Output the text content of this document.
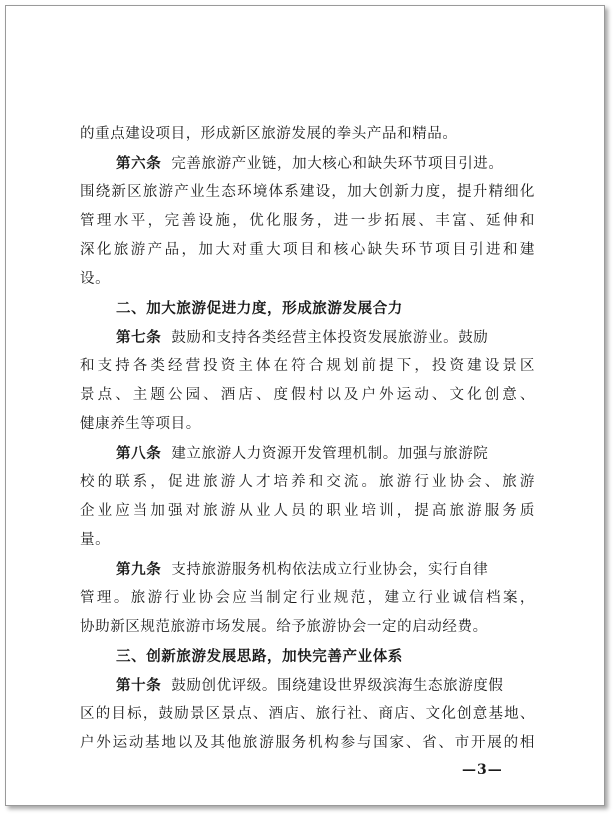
的重点建设项目，形成新区旅游发展的拳头产品和精品。
第六条 完善旅游产业链，加大核心和缺失环节项目引进。
围绕新区旅游产业生态环境体系建设，加大创新力度，提升精细化
管理水平，完善设施，优化服务，进一步拓展、丰富、延伸和
深化旅游产品，加大对重大项目和核心缺失环节项目引进和建
设。
二、加大旅游促进力度，形成旅游发展合力
第七条 鼓励和支持各类经营主体投资发展旅游业。鼓励
和支持各类经营投资主体在符合规划前提下，投资建设景区
景点、主题公园、酒店、度假村以及户外运动、文化创意、
健康养生等项目。
第八条 建立旅游人力资源开发管理机制。加强与旅游院
校的联系，促进旅游人才培养和交流。旅游行业协会、旅游
企业应当加强对旅游从业人员的职业培训，提高旅游服务质
量。
第九条 支持旅游服务机构依法成立行业协会，实行自律
管理。旅游行业协会应当制定行业规范，建立行业诚信档案，
协助新区规范旅游市场发展。给予旅游协会一定的启动经费。
三、创新旅游发展思路，加快完善产业体系
第十条 鼓励创优评级。围绕建设世界级滨海生态旅游度假
区的目标，鼓励景区景点、酒店、旅行社、商店、文化创意基地、
户外运动基地以及其他旅游服务机构参与国家、省、市开展的相
—3—
